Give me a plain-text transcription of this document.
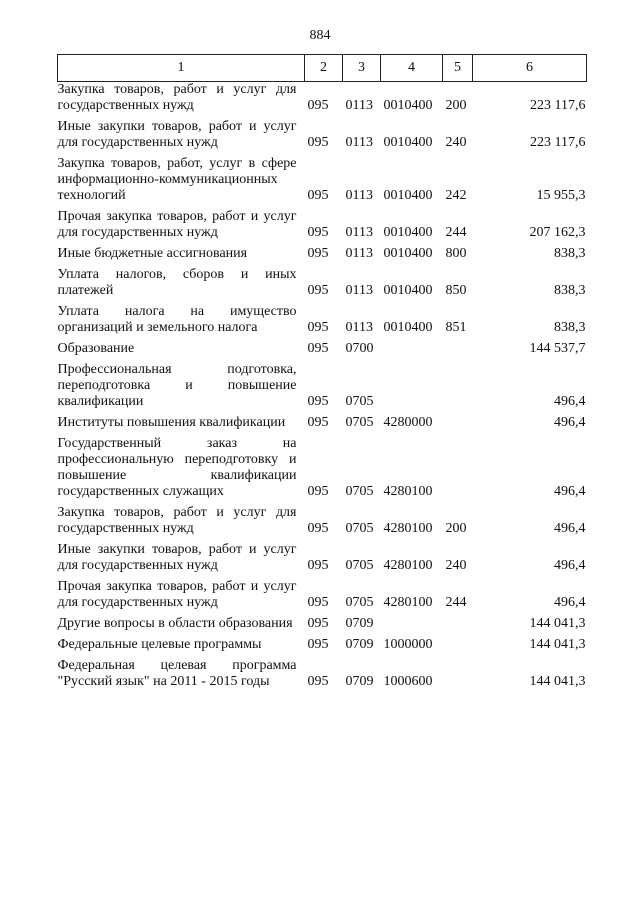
884
1	2	3	4	5	6
Закупка товаров, работ и услуг для государственных нужд	095	0113	0010400	200	223 117,6
Иные закупки товаров, работ и услуг для государственных нужд	095	0113	0010400	240	223 117,6
Закупка товаров, работ, услуг в сфере информационно-коммуникационных технологий	095	0113	0010400	242	15 955,3
Прочая закупка товаров, работ и услуг для государственных нужд	095	0113	0010400	244	207 162,3
Иные бюджетные ассигнования	095	0113	0010400	800	838,3
Уплата налогов, сборов и иных платежей	095	0113	0010400	850	838,3
Уплата налога на имущество организаций и земельного налога	095	0113	0010400	851	838,3
Образование	095	0700			144 537,7
Профессиональная подготовка, переподготовка и повышение квалификации	095	0705			496,4
Институты повышения квалификации	095	0705	4280000		496,4
Государственный заказ на профессиональную переподготовку и повышение квалификации государственных служащих	095	0705	4280100		496,4
Закупка товаров, работ и услуг для государственных нужд	095	0705	4280100	200	496,4
Иные закупки товаров, работ и услуг для государственных нужд	095	0705	4280100	240	496,4
Прочая закупка товаров, работ и услуг для государственных нужд	095	0705	4280100	244	496,4
Другие вопросы в области образования	095	0709			144 041,3
Федеральные целевые программы	095	0709	1000000		144 041,3
Федеральная целевая программа "Русский язык" на 2011 - 2015 годы	095	0709	1000600		144 041,3
